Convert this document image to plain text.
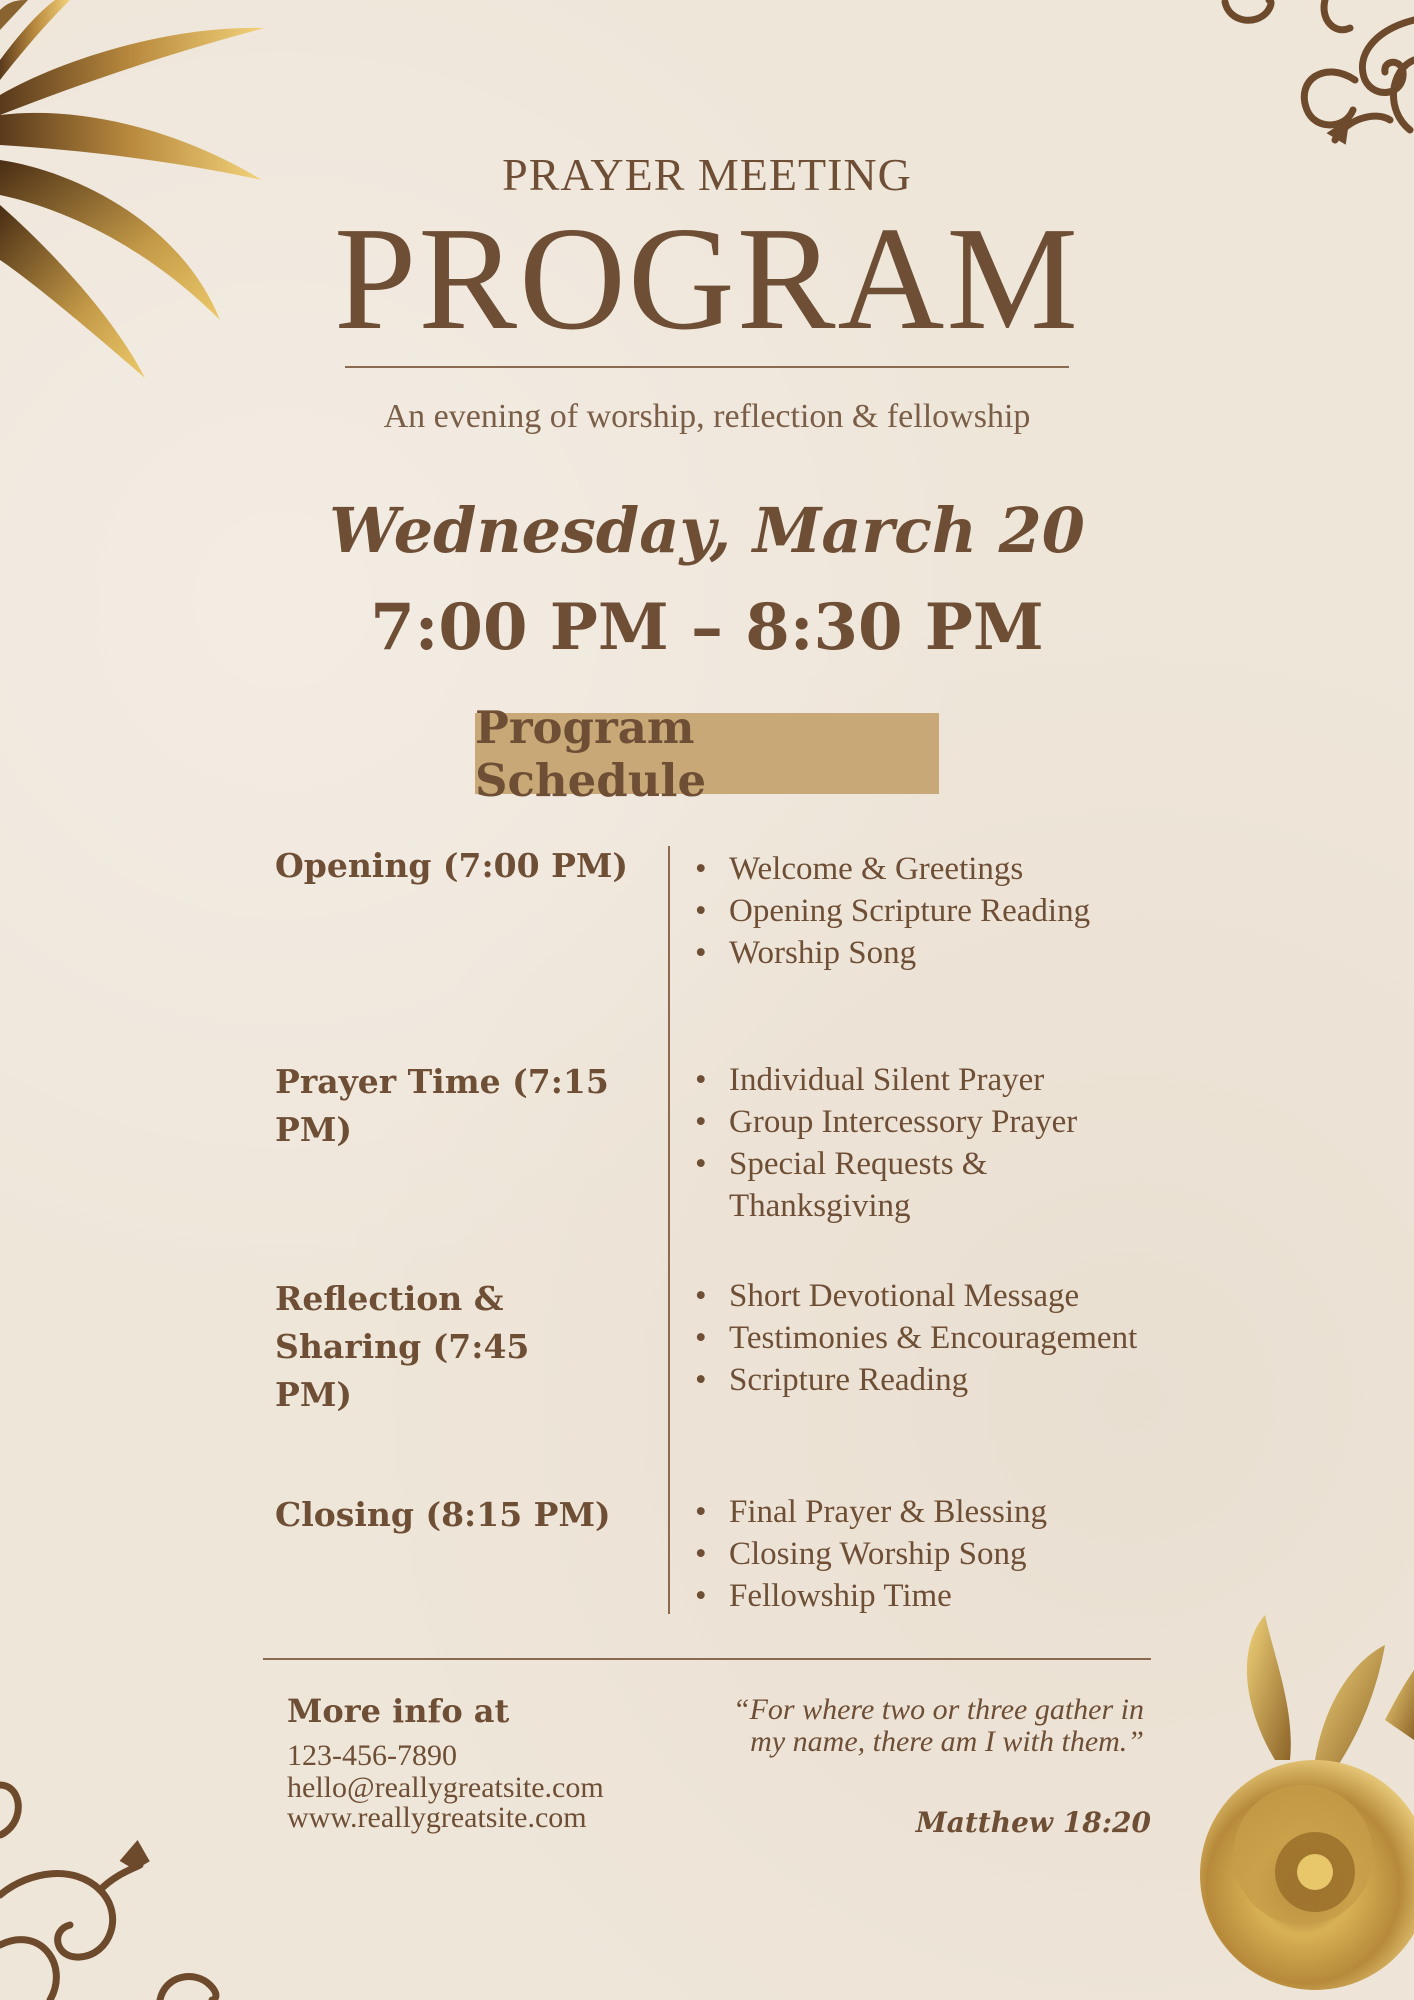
PRAYER MEETING
PROGRAM
An evening of worship, reflection & fellowship
Wednesday, March 20
7:00 PM – 8:30 PM
Program Schedule
Opening (7:00 PM)	• Welcome & Greetings
• Opening Scripture Reading
• Worship Song
Prayer Time (7:15 PM)
• Individual Silent Prayer
• Group Intercessory Prayer
• Special Requests & Thanksgiving
Reflection & Sharing (7:45 PM)
• Short Devotional Message
• Testimonies & Encouragement
• Scripture Reading
Closing (8:15 PM)	• Final Prayer & Blessing
• Closing Worship Song
• Fellowship Time
More info at
123-456-7890
hello@reallygreatsite.com
www.reallygreatsite.com
“For where two or three gather in my name, there am I with them.”
Matthew 18:20
